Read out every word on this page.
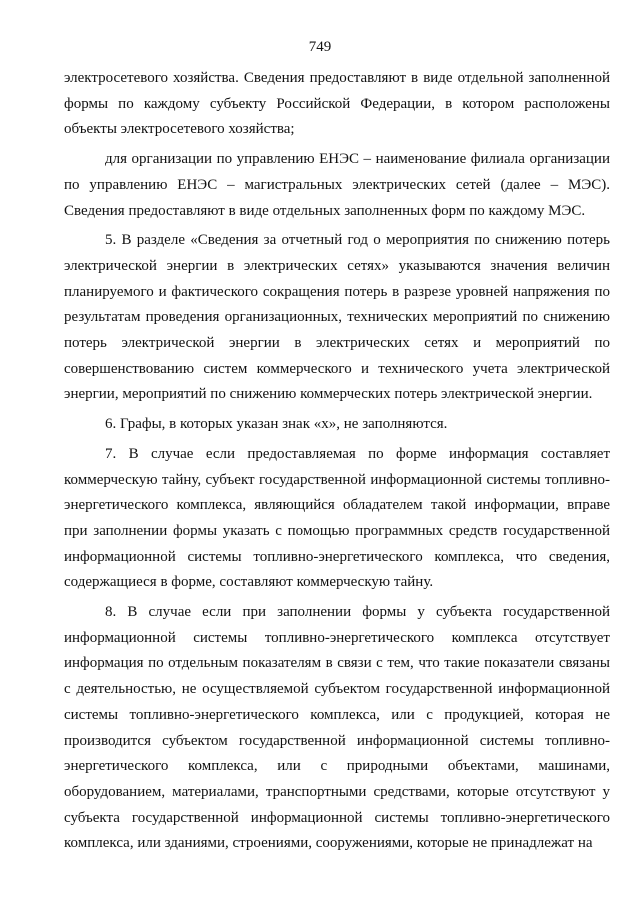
749

электросетевого хозяйства. Сведения предоставляют в виде отдельной заполненной формы по каждому субъекту Российской Федерации, в котором расположены объекты электросетевого хозяйства;

для организации по управлению ЕНЭС – наименование филиала организации по управлению ЕНЭС – магистральных электрических сетей (далее – МЭС). Сведения предоставляют в виде отдельных заполненных форм по каждому МЭС.

5. В разделе «Сведения за отчетный год о мероприятия по снижению потерь электрической энергии в электрических сетях» указываются значения величин планируемого и фактического сокращения потерь в разрезе уровней напряжения по результатам проведения организационных, технических мероприятий по снижению потерь электрической энергии в электрических сетях и мероприятий по совершенствованию систем коммерческого и технического учета электрической энергии, мероприятий по снижению коммерческих потерь электрической энергии.

6. Графы, в которых указан знак «x», не заполняются.

7. В случае если предоставляемая по форме информация составляет коммерческую тайну, субъект государственной информационной системы топливно-энергетического комплекса, являющийся обладателем такой информации, вправе при заполнении формы указать с помощью программных средств государственной информационной системы топливно-энергетического комплекса, что сведения, содержащиеся в форме, составляют коммерческую тайну.

8. В случае если при заполнении формы у субъекта государственной информационной системы топливно-энергетического комплекса отсутствует информация по отдельным показателям в связи с тем, что такие показатели связаны с деятельностью, не осуществляемой субъектом государственной информационной системы топливно-энергетического комплекса, или с продукцией, которая не производится субъектом государственной информационной системы топливно-энергетического комплекса, или с природными объектами, машинами, оборудованием, материалами, транспортными средствами, которые отсутствуют у субъекта государственной информационной системы топливно-энергетического комплекса, или зданиями, строениями, сооружениями, которые не принадлежат на
